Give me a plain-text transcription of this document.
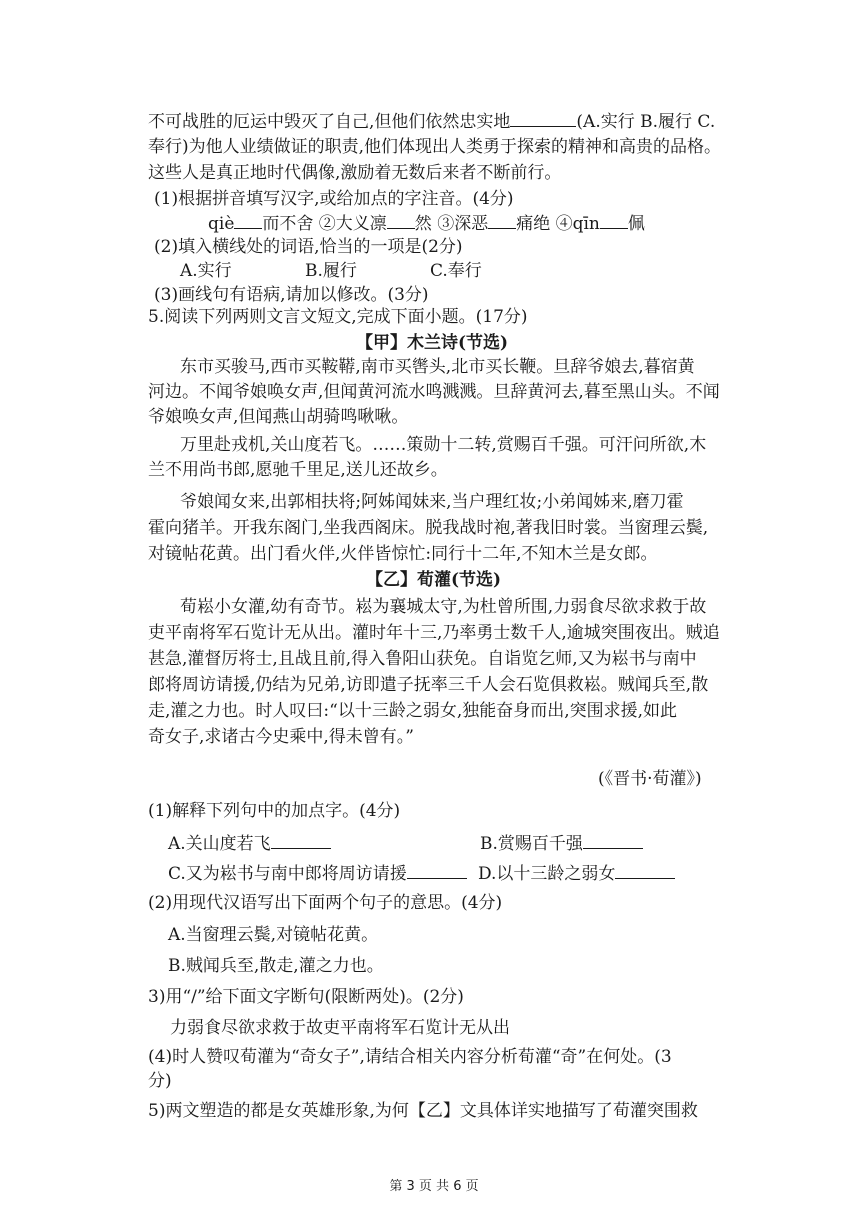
不可战胜的厄运中毁灭了自己,但他们依然忠实地	(A.实行 B.履行 C.
奉行)为他人业绩做证的职责,他们体现出人类勇于探索的精神和高贵的品格。
这些人是真正地时代偶像,激励着无数后来者不断前行。
(1)根据拼音填写汉字,或给加点的字注音。(4分)
qiè 而不舍 ②大义凛 然 ③深恶 痛绝 ④qīn 佩
(2)填入横线处的词语,恰当的一项是(2分)
A.实行	B.履行	C.奉行
(3)画线句有语病,请加以修改。(3分)
5.阅读下列两则文言文短文,完成下面小题。(17分)
【甲】木兰诗(节选)
东市买骏马,西市买鞍鞯,南市买辔头,北市买长鞭。旦辞爷娘去,暮宿黄
河边。不闻爷娘唤女声,但闻黄河流水鸣溅溅。旦辞黄河去,暮至黑山头。不闻
爷娘唤女声,但闻燕山胡骑鸣啾啾。
万里赴戎机,关山度若飞。……策勋十二转,赏赐百千强。可汗问所欲,木
兰不用尚书郎,愿驰千里足,送儿还故乡。
爷娘闻女来,出郭相扶将;阿姊闻妹来,当户理红妆;小弟闻姊来,磨刀霍
霍向猪羊。开我东阁门,坐我西阁床。脱我战时袍,著我旧时裳。当窗理云鬓,
对镜帖花黄。出门看火伴,火伴皆惊忙:同行十二年,不知木兰是女郎。
【乙】荀灌(节选)
荀崧小女灌,幼有奇节。崧为襄城太守,为杜曾所围,力弱食尽欲求救于故
吏平南将军石览计无从出。灌时年十三,乃率勇士数千人,逾城突围夜出。贼追
甚急,灌督厉将士,且战且前,得入鲁阳山获免。自诣览乞师,又为崧书与南中
郎将周访请援,仍结为兄弟,访即遣子抚率三千人会石览俱救崧。贼闻兵至,散
走,灌之力也。时人叹曰:“以十三龄之弱女,独能奋身而出,突围求援,如此
奇女子,求诸古今史乘中,得未曾有。”
(《晋书·荀灌》)
(1)解释下列句中的加点字。(4分)
A.关山度若飞	B.赏赐百千强
C.又为崧书与南中郎将周访请援	D.以十三龄之弱女
(2)用现代汉语写出下面两个句子的意思。(4分)
A.当窗理云鬓,对镜帖花黄。
B.贼闻兵至,散走,灌之力也。
3)用“/”给下面文字断句(限断两处)。(2分)
力弱食尽欲求救于故吏平南将军石览计无从出
(4)时人赞叹荀灌为“奇女子”,请结合相关内容分析荀灌“奇”在何处。(3
分)
5)两文塑造的都是女英雄形象,为何【乙】文具体详实地描写了荀灌突围救
第 3 页 共 6 页
